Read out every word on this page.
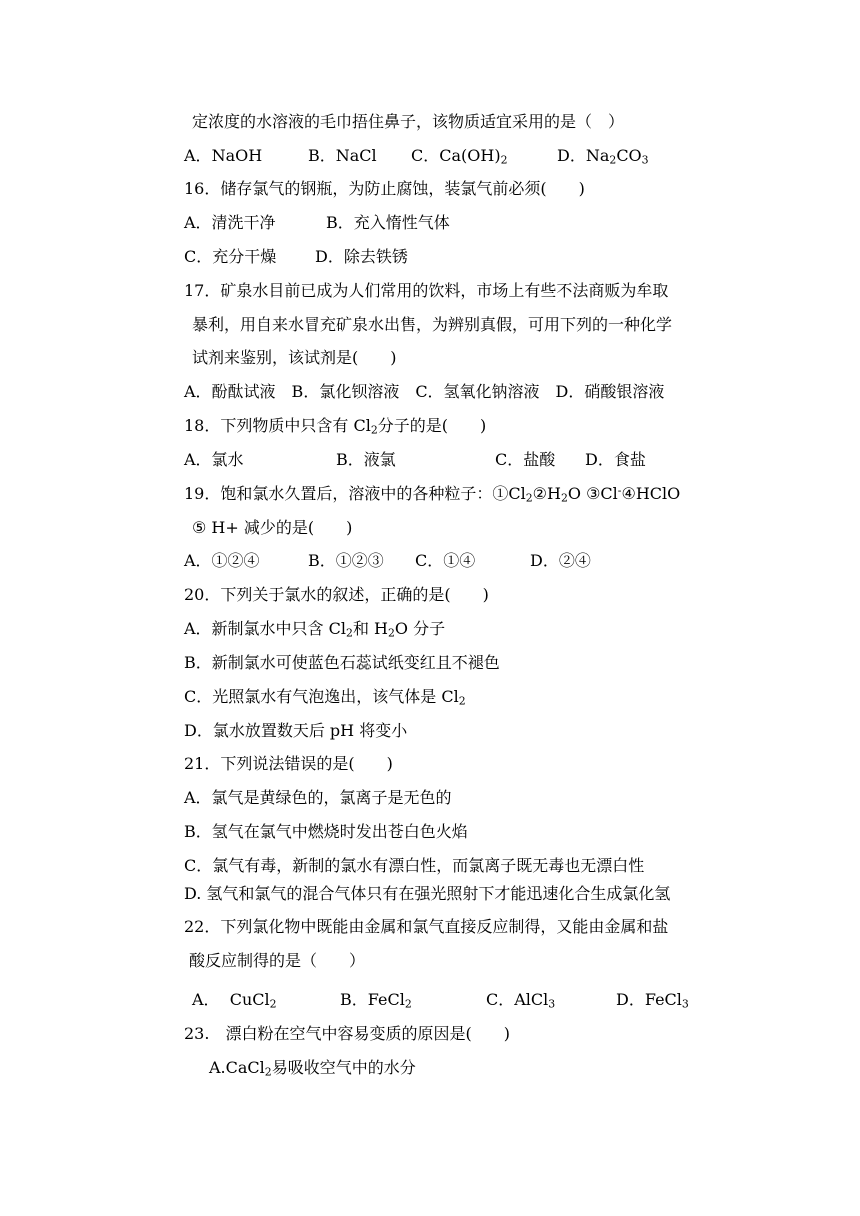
定浓度的水溶液的毛巾捂住鼻子，该物质适宜采用的是（　）
A．NaOH	B．NaCl C．$Ca(OH)_2$	D．$Na_2CO_3$
16．储存氯气的钢瓶，为防止腐蚀，装氯气前必须(　　)
A．清洗干净	B．充入惰性气体
C．充分干燥 D．除去铁锈
17．矿泉水目前已成为人们常用的饮料，市场上有些不法商贩为牟取
暴利，用自来水冒充矿泉水出售，为辨别真假，可用下列的一种化学
试剂来鉴别，该试剂是(　　)
A．酚酞试液　B．氯化钡溶液　C．氢氧化钠溶液　D．硝酸银溶液
18．下列物质中只含有 $Cl_2$分子的是(　　)
A．氯水	B．液氯	C．盐酸 D．食盐
19．饱和氯水久置后，溶液中的各种粒子：$①Cl_2②H_2O$ ③Cl-④HClO
⑤ H+ 减少的是(　　)
A．①②④	B．①②③ C．①④	D．②④
20．下列关于氯水的叙述，正确的是(　　)
A．新制氯水中只含 $Cl_2$和 $H_2O$ 分子
B．新制氯水可使蓝色石蕊试纸变红且不褪色
C．光照氯水有气泡逸出，该气体是 $Cl_2$
D．氯水放置数天后 pH 将变小
21．下列说法错误的是(　　)
A．氯气是黄绿色的，氯离子是无色的
B．氢气在氯气中燃烧时发出苍白色火焰
C．氯气有毒，新制的氯水有漂白性，而氯离子既无毒也无漂白性
D. 氢气和氯气的混合气体只有在强光照射下才能迅速化合生成氯化氢
22．下列氯化物中既能由金属和氯气直接反应制得，又能由金属和盐
酸反应制得的是（　　）
A． CuCl$_2$	B．FeCl$_2$	C．AlCl$_3$	D．FeCl$_3$
23.　漂白粉在空气中容易变质的原因是(　　)
A.CaCl$_2$易吸收空气中的水分
